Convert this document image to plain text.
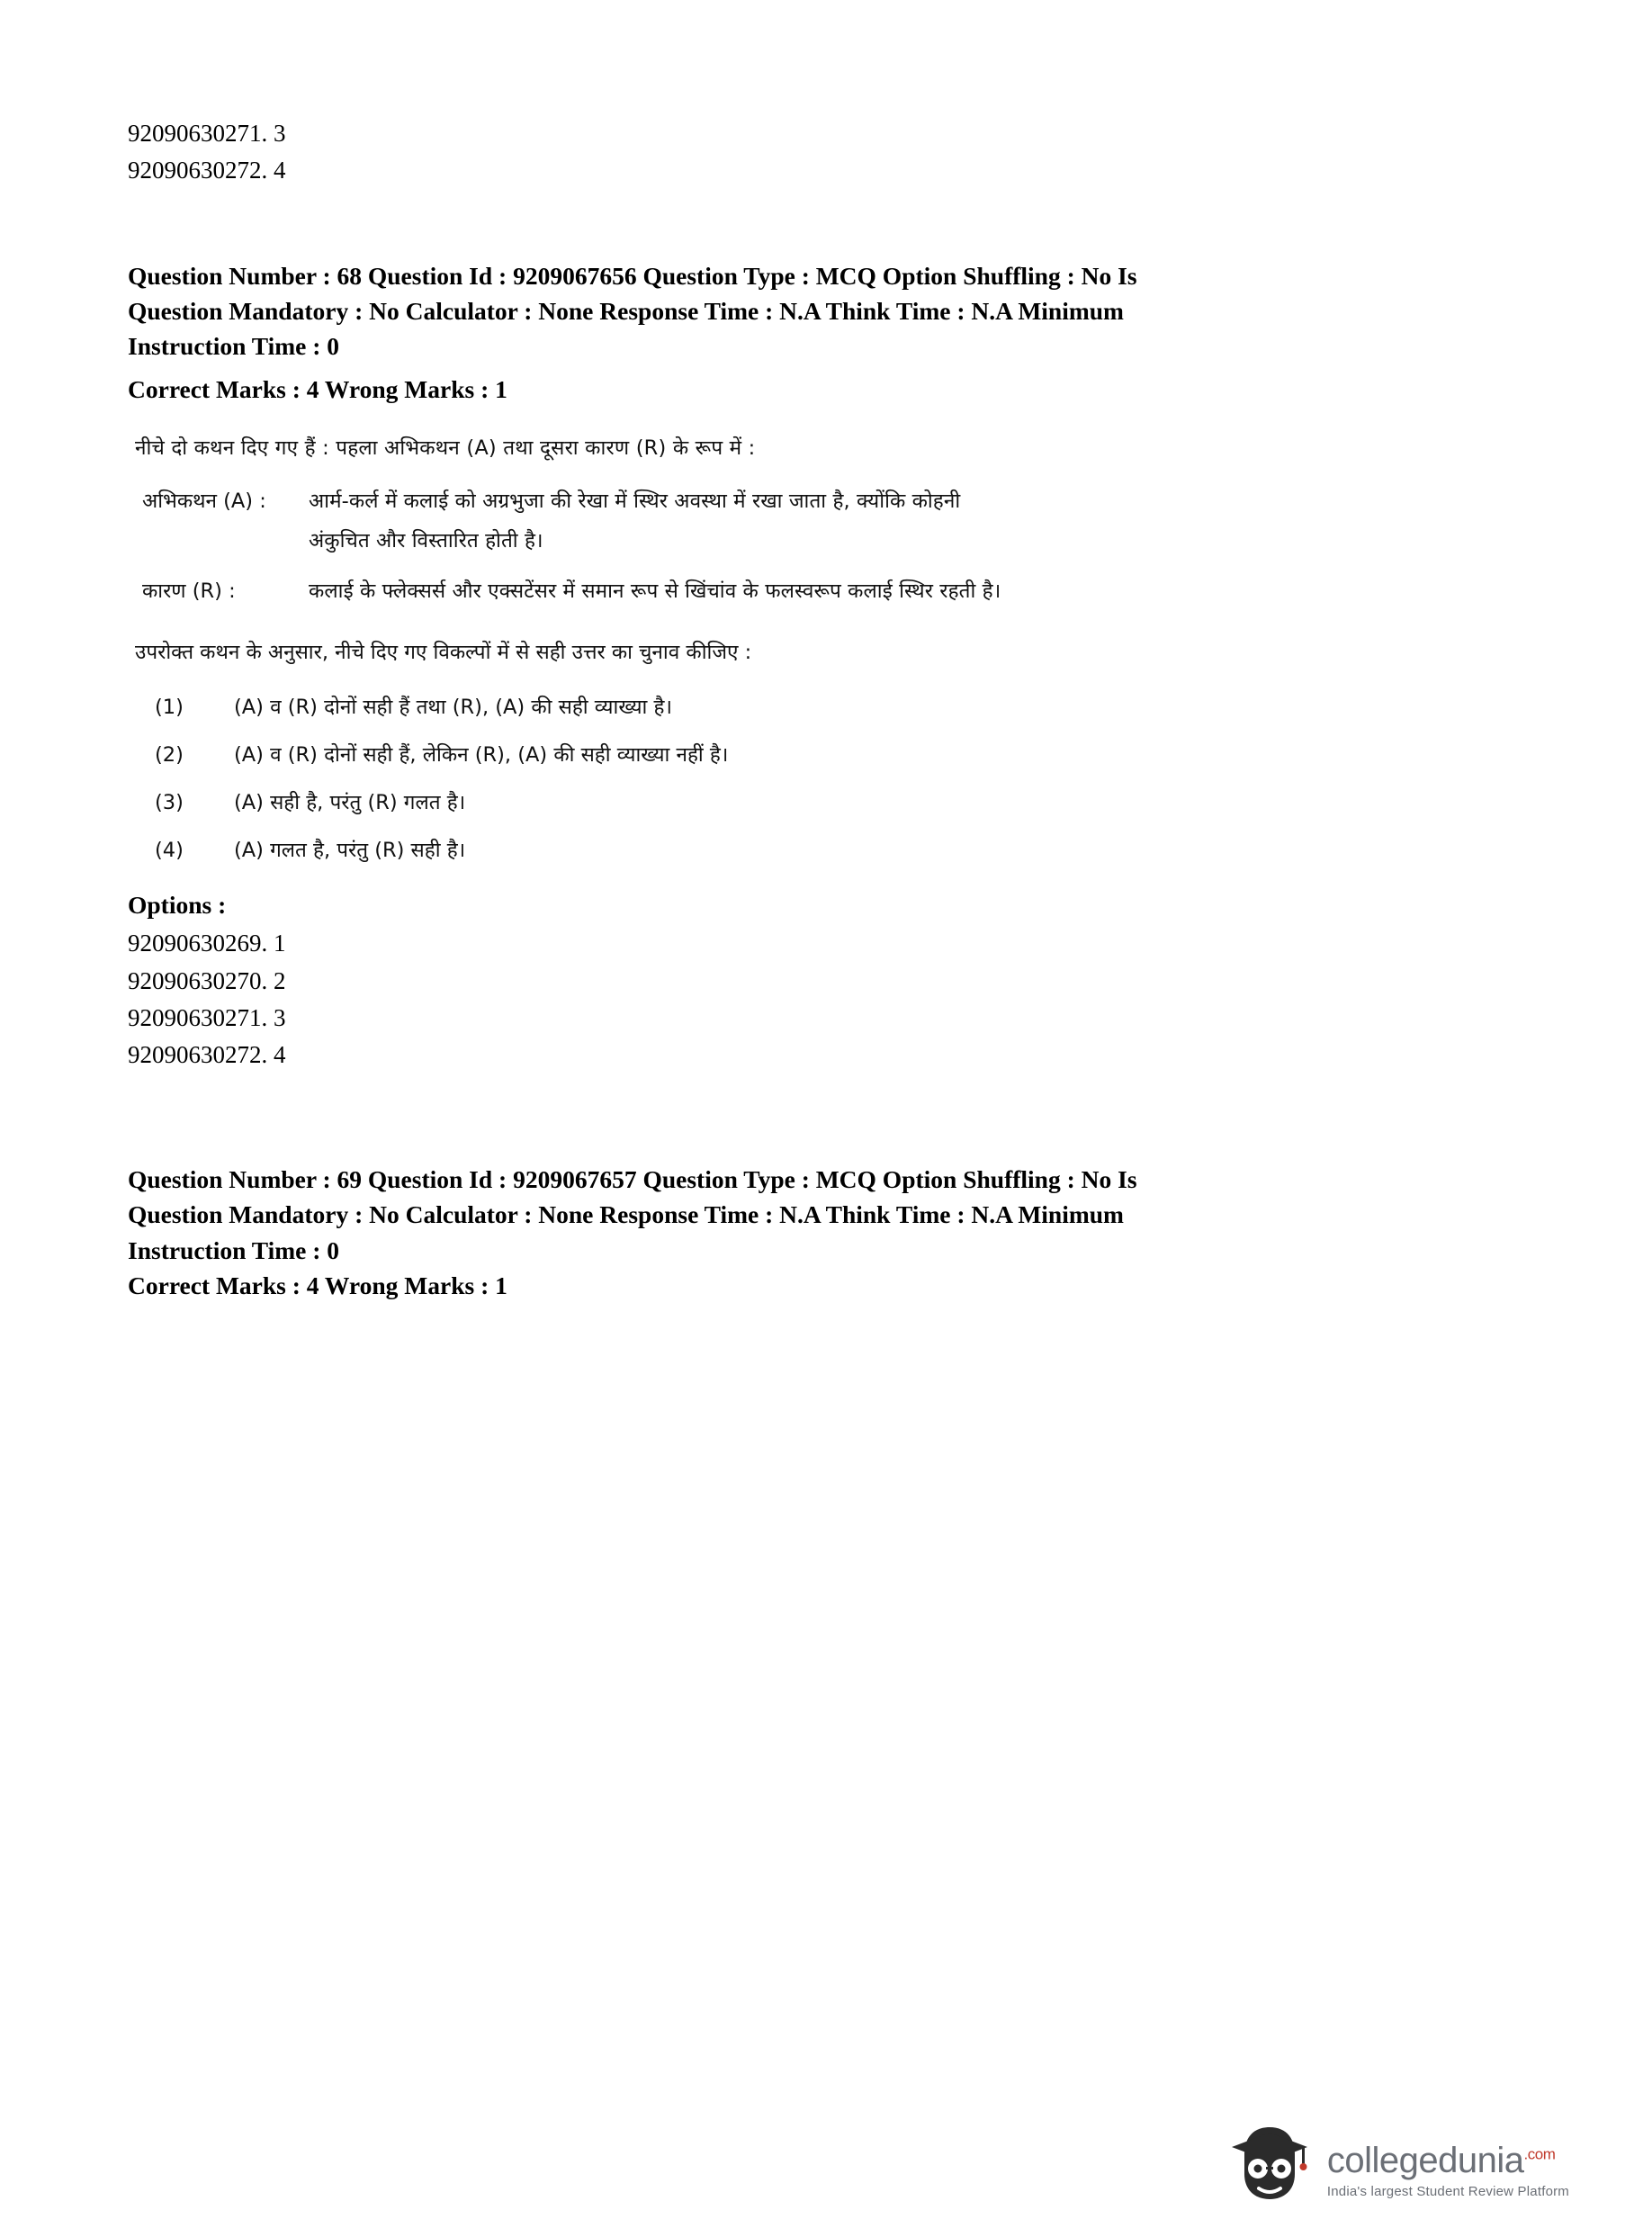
92090630271. 3
92090630272. 4
Question Number : 68 Question Id : 9209067656 Question Type : MCQ Option Shuffling : No Is
Question Mandatory : No Calculator : None Response Time : N.A Think Time : N.A Minimum
Instruction Time : 0
Correct Marks : 4 Wrong Marks : 1
नीचे दो कथन दिए गए हैं : पहला अभिकथन (A) तथा दूसरा कारण (R) के रूप में :
अभिकथन (A) :	आर्म-कर्ल में कलाई को अग्रभुजा की रेखा में स्थिर अवस्था में रखा जाता है, क्योंकि कोहनी
अंकुचित और विस्तारित होती है।
कारण (R) :	कलाई के फ्लेक्सर्स और एक्सटेंसर में समान रूप से खिंचांव के फलस्वरूप कलाई स्थिर रहती है।
उपरोक्त कथन के अनुसार, नीचे दिए गए विकल्पों में से सही उत्तर का चुनाव कीजिए :
(1)	(A) व (R) दोनों सही हैं तथा (R), (A) की सही व्याख्या है।
(2)	(A) व (R) दोनों सही हैं, लेकिन (R), (A) की सही व्याख्या नहीं है।
(3)	(A) सही है, परंतु (R) गलत है।
(4)	(A) गलत है, परंतु (R) सही है।
Options :
92090630269. 1
92090630270. 2
92090630271. 3
92090630272. 4
Question Number : 69 Question Id : 9209067657 Question Type : MCQ Option Shuffling : No Is
Question Mandatory : No Calculator : None Response Time : N.A Think Time : N.A Minimum
Instruction Time : 0
Correct Marks : 4 Wrong Marks : 1
collegedunia$^{.com}$
India's largest Student Review Platform
